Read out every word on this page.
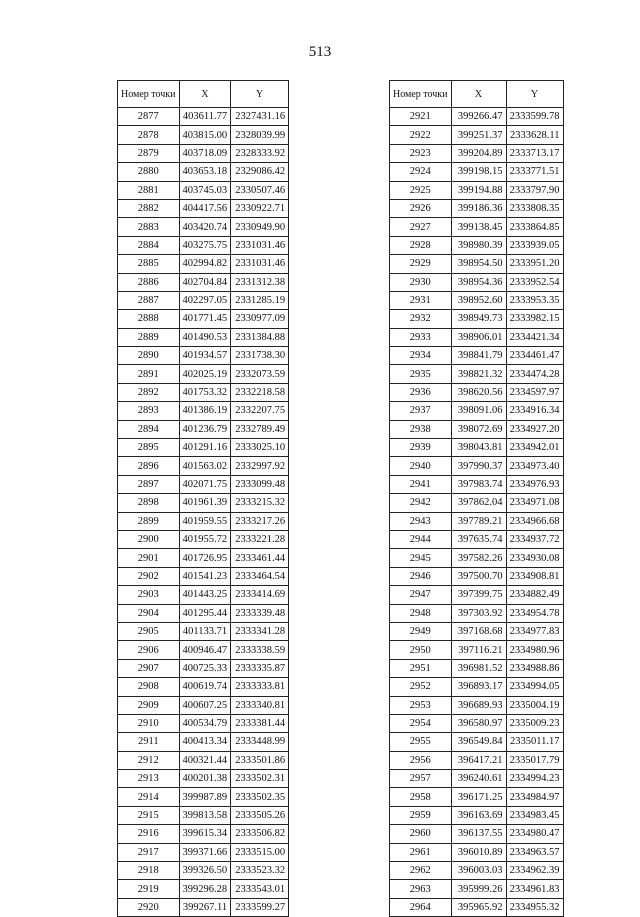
513
Номер точки	X	Y
2877	403611.77	2327431.16
2878	403815.00	2328039.99
2879	403718.09	2328333.92
2880	403653.18	2329086.42
2881	403745.03	2330507.46
2882	404417.56	2330922.71
2883	403420.74	2330949.90
2884	403275.75	2331031.46
2885	402994.82	2331031.46
2886	402704.84	2331312.38
2887	402297.05	2331285.19
2888	401771.45	2330977.09
2889	401490.53	2331384.88
2890	401934.57	2331738.30
2891	402025.19	2332073.59
2892	401753.32	2332218.58
2893	401386.19	2332207.75
2894	401236.79	2332789.49
2895	401291.16	2333025.10
2896	401563.02	2332997.92
2897	402071.75	2333099.48
2898	401961.39	2333215.32
2899	401959.55	2333217.26
2900	401955.72	2333221.28
2901	401726.95	2333461.44
2902	401541.23	2333464.54
2903	401443.25	2333414.69
2904	401295.44	2333339.48
2905	401133.71	2333341.28
2906	400946.47	2333338.59
2907	400725.33	2333335.87
2908	400619.74	2333333.81
2909	400607.25	2333340.81
2910	400534.79	2333381.44
2911	400413.34	2333448.99
2912	400321.44	2333501.86
2913	400201.38	2333502.31
2914	399987.89	2333502.35
2915	399813.58	2333505.26
2916	399615.34	2333506.82
2917	399371.66	2333515.00
2918	399326.50	2333523.32
2919	399296.28	2333543.01
2920	399267.11	2333599.27
Номер точки	X	Y
2921	399266.47	2333599.78
2922	399251.37	2333628.11
2923	399204.89	2333713.17
2924	399198.15	2333771.51
2925	399194.88	2333797.90
2926	399186.36	2333808.35
2927	399138.45	2333864.85
2928	398980.39	2333939.05
2929	398954.50	2333951.20
2930	398954.36	2333952.54
2931	398952.60	2333953.35
2932	398949.73	2333982.15
2933	398906.01	2334421.34
2934	398841.79	2334461.47
2935	398821.32	2334474.28
2936	398620.56	2334597.97
2937	398091.06	2334916.34
2938	398072.69	2334927.20
2939	398043.81	2334942.01
2940	397990.37	2334973.40
2941	397983.74	2334976.93
2942	397862.04	2334971.08
2943	397789.21	2334966.68
2944	397635.74	2334937.72
2945	397582.26	2334930.08
2946	397500.70	2334908.81
2947	397399.75	2334882.49
2948	397303.92	2334954.78
2949	397168.68	2334977.83
2950	397116.21	2334980.96
2951	396981.52	2334988.86
2952	396893.17	2334994.05
2953	396689.93	2335004.19
2954	396580.97	2335009.23
2955	396549.84	2335011.17
2956	396417.21	2335017.79
2957	396240.61	2334994.23
2958	396171.25	2334984.97
2959	396163.69	2334983.45
2960	396137.55	2334980.47
2961	396010.89	2334963.57
2962	396003.03	2334962.39
2963	395999.26	2334961.83
2964	395965.92	2334955.32
